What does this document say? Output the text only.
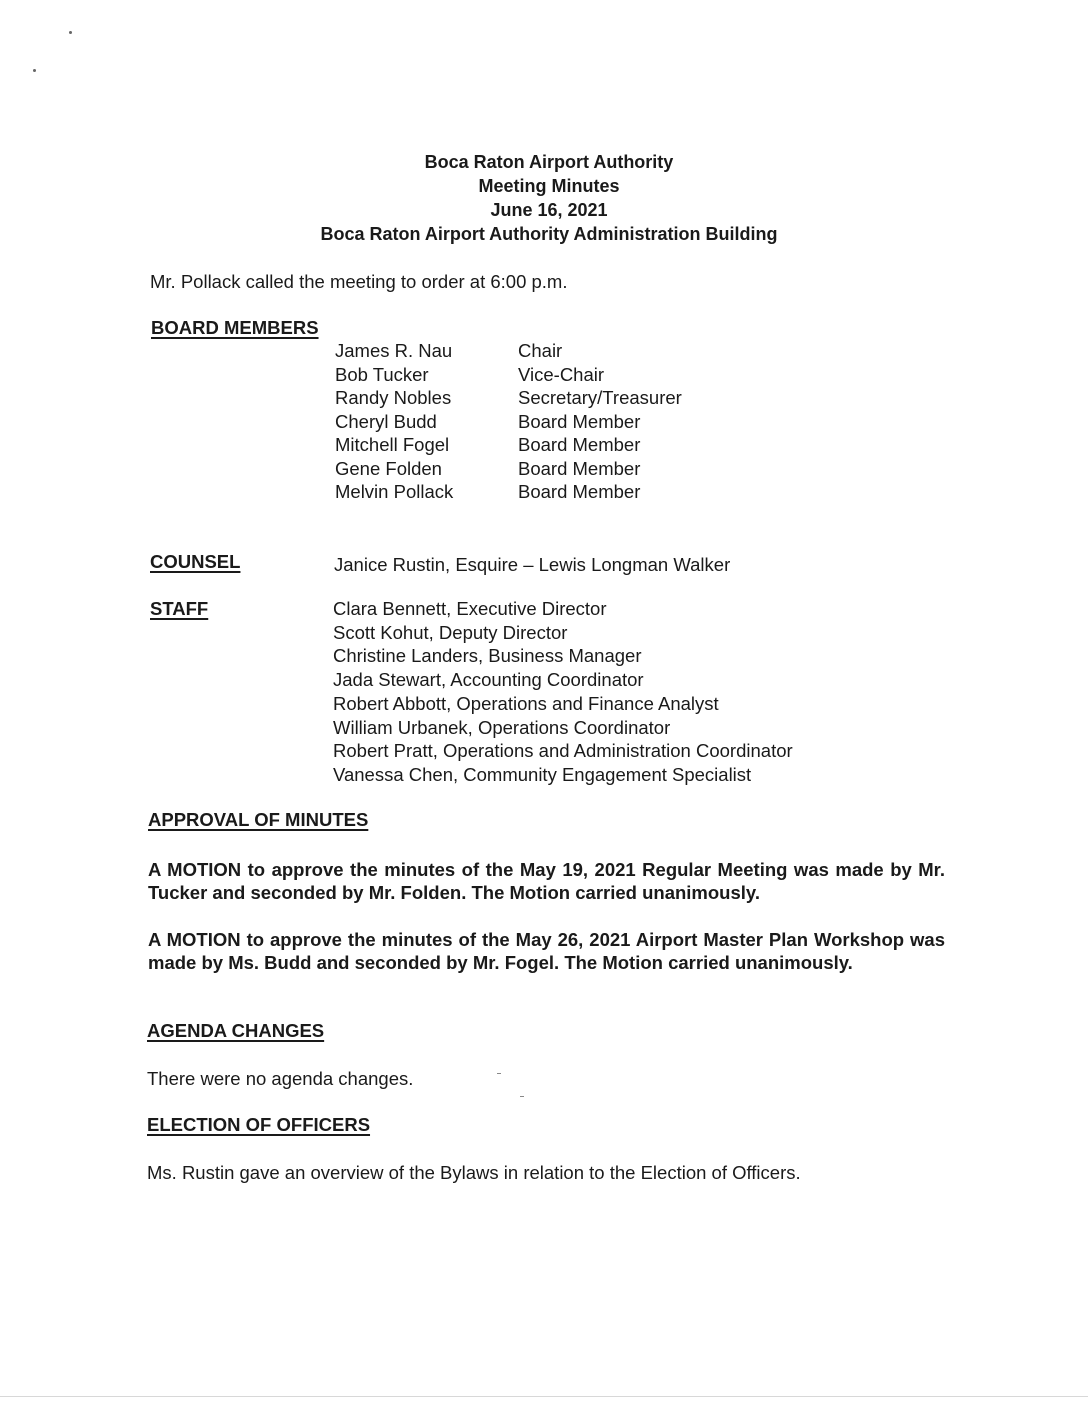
Boca Raton Airport Authority
Meeting Minutes
June 16, 2021
Boca Raton Airport Authority Administration Building
Mr. Pollack called the meeting to order at 6:00 p.m.
BOARD MEMBERS
James R. Nau	Chair
Bob Tucker	Vice-Chair
Randy Nobles	Secretary/Treasurer
Cheryl Budd	Board Member
Mitchell Fogel	Board Member
Gene Folden	Board Member
Melvin Pollack	Board Member
COUNSEL	Janice Rustin, Esquire – Lewis Longman Walker
STAFF	Clara Bennett, Executive Director
Scott Kohut, Deputy Director
Christine Landers, Business Manager
Jada Stewart, Accounting Coordinator
Robert Abbott, Operations and Finance Analyst
William Urbanek, Operations Coordinator
Robert Pratt, Operations and Administration Coordinator
Vanessa Chen, Community Engagement Specialist
APPROVAL OF MINUTES
A MOTION to approve the minutes of the May 19, 2021 Regular Meeting was made by Mr. Tucker and seconded by Mr. Folden. The Motion carried unanimously.
A MOTION to approve the minutes of the May 26, 2021 Airport Master Plan Workshop was made by Ms. Budd and seconded by Mr. Fogel. The Motion carried unanimously.
AGENDA CHANGES
There were no agenda changes.
ELECTION OF OFFICERS
Ms. Rustin gave an overview of the Bylaws in relation to the Election of Officers.
